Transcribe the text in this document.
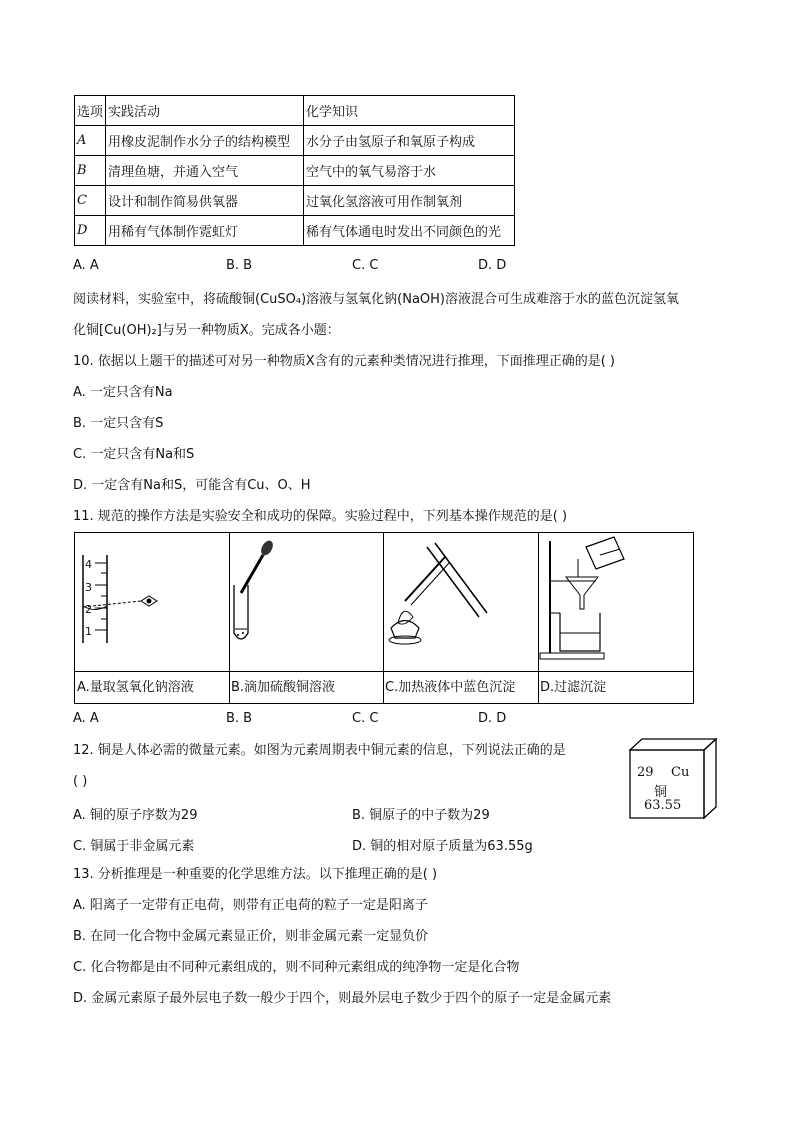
选项	实践活动	化学知识
A	用橡皮泥制作水分子的结构模型	水分子由氢原子和氧原子构成
B	清理鱼塘，并通入空气	空气中的氧气易溶于水
C	设计和制作简易供氧器	过氧化氢溶液可用作制氧剂
D	用稀有气体制作霓虹灯	稀有气体通电时发出不同颜色的光
A. A	B. B	C. C	D. D
阅读材料，实验室中，将硫酸铜(CuSO₄)溶液与氢氧化钠(NaOH)溶液混合可生成难溶于水的蓝色沉淀氢氧
化铜[Cu(OH)₂]与另一种物质X。完成各小题：
10. 依据以上题干的描述可对另一种物质X含有的元素种类情况进行推理，下面推理正确的是( )
A. 一定只含有Na
B. 一定只含有S
C. 一定只含有Na和S
D. 一定含有Na和S，可能含有Cu、O、H
11. 规范的操作方法是实验安全和成功的保障。实验过程中，下列基本操作规范的是( )
4
3
2
1
A.量取氢氧化钠溶液	B.滴加硫酸铜溶液	C.加热液体中蓝色沉淀	D.过滤沉淀
A. A	B. B	C. C	D. D
12. 铜是人体必需的微量元素。如图为元素周期表中铜元素的信息，下列说法正确的是
( )
A. 铜的原子序数为29	B. 铜原子的中子数为29
C. 铜属于非金属元素	D. 铜的相对原子质量为63.55g
29 Cu
铜
63.55
13. 分析推理是一种重要的化学思维方法。以下推理正确的是( )
A. 阳离子一定带有正电荷，则带有正电荷的粒子一定是阳离子
B. 在同一化合物中金属元素显正价，则非金属元素一定显负价
C. 化合物都是由不同种元素组成的，则不同种元素组成的纯净物一定是化合物
D. 金属元素原子最外层电子数一般少于四个，则最外层电子数少于四个的原子一定是金属元素
